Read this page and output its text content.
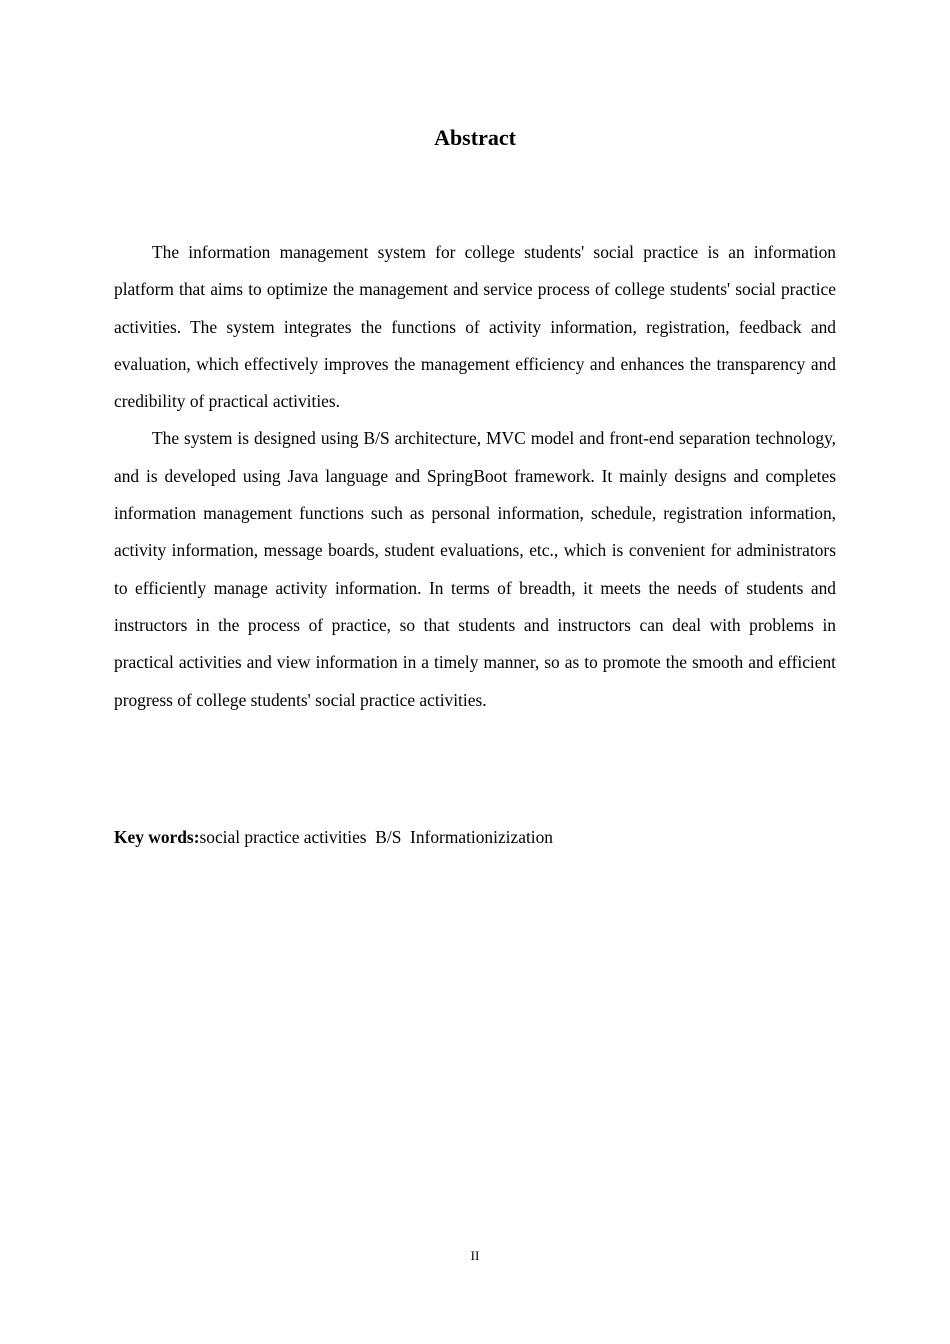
Abstract

The information management system for college students' social practice is an information platform that aims to optimize the management and service process of college students' social practice activities. The system integrates the functions of activity information, registration, feedback and evaluation, which effectively improves the management efficiency and enhances the transparency and credibility of practical activities.

The system is designed using B/S architecture, MVC model and front-end separation technology, and is developed using Java language and SpringBoot framework. It mainly designs and completes information management functions such as personal information, schedule, registration information, activity information, message boards, student evaluations, etc., which is convenient for administrators to efficiently manage activity information. In terms of breadth, it meets the needs of students and instructors in the process of practice, so that students and instructors can deal with problems in practical activities and view information in a timely manner, so as to promote the smooth and efficient progress of college students' social practice activities.

Key words:social practice activities  B/S  Informationizization

II
